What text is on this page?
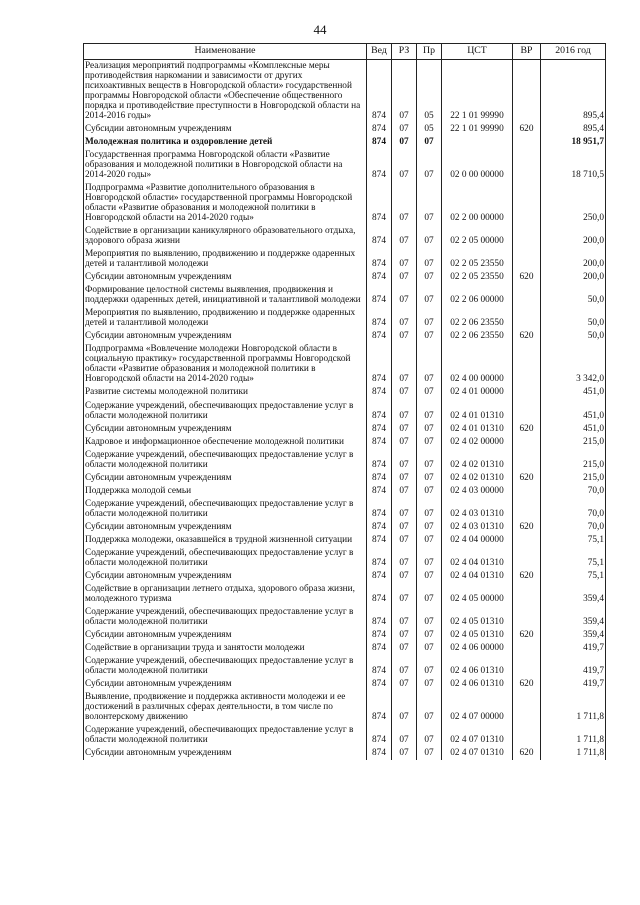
44
Наименование	Вед	РЗ	Пр	ЦСТ	ВР	2016 год
Реализация мероприятий подпрограммы «Комплексные меры противодействия наркомании и зависимости от других психоактивных веществ в Новгородской области» государственной программы Новгородской области «Обеспечение общественного порядка и противодействие преступности в Новгородской области на 2014-2016 годы»	874	07	05	22 1 01 99990		895,4
Субсидии автономным учреждениям	874	07	05	22 1 01 99990	620	895,4
Молодежная политика и оздоровление детей	874	07	07			18 951,7
Государственная программа Новгородской области «Развитие образования и молодежной политики в Новгородской области на 2014-2020 годы»	874	07	07	02 0 00 00000		18 710,5
Подпрограмма «Развитие дополнительного образования в Новгородской области» государственной программы Новгородской области «Развитие образования и молодежной политики в Новгородской области на 2014-2020 годы»	874	07	07	02 2 00 00000		250,0
Содействие в организации каникулярного образовательного отдыха, здорового образа жизни	874	07	07	02 2 05 00000		200,0
Мероприятия по выявлению, продвижению и поддержке одаренных детей и талантливой молодежи	874	07	07	02 2 05 23550		200,0
Субсидии автономным учреждениям	874	07	07	02 2 05 23550	620	200,0
Формирование целостной системы выявления, продвижения и поддержки одаренных детей, инициативной и талантливой молодежи	874	07	07	02 2 06 00000		50,0
Мероприятия по выявлению, продвижению и поддержке одаренных детей и талантливой молодежи	874	07	07	02 2 06 23550		50,0
Субсидии автономным учреждениям	874	07	07	02 2 06 23550	620	50,0
Подпрограмма «Вовлечение молодежи Новгородской области в социальную практику» государственной программы Новгородской области «Развитие образования и молодежной политики в Новгородской области на 2014-2020 годы»	874	07	07	02 4 00 00000		3 342,0
Развитие системы молодежной политики	874	07	07	02 4 01 00000		451,0
Содержание учреждений, обеспечивающих предоставление услуг в области молодежной политики	874	07	07	02 4 01 01310		451,0
Субсидии автономным учреждениям	874	07	07	02 4 01 01310	620	451,0
Кадровое и информационное обеспечение молодежной политики	874	07	07	02 4 02 00000		215,0
Содержание учреждений, обеспечивающих предоставление услуг в области молодежной политики	874	07	07	02 4 02 01310		215,0
Субсидии автономным учреждениям	874	07	07	02 4 02 01310	620	215,0
Поддержка молодой семьи	874	07	07	02 4 03 00000		70,0
Содержание учреждений, обеспечивающих предоставление услуг в области молодежной политики	874	07	07	02 4 03 01310		70,0
Субсидии автономным учреждениям	874	07	07	02 4 03 01310	620	70,0
Поддержка молодежи, оказавшейся в трудной жизненной ситуации	874	07	07	02 4 04 00000		75,1
Содержание учреждений, обеспечивающих предоставление услуг в области молодежной политики	874	07	07	02 4 04 01310		75,1
Субсидии автономным учреждениям	874	07	07	02 4 04 01310	620	75,1
Содействие в организации летнего отдыха, здорового образа жизни, молодежного туризма	874	07	07	02 4 05 00000		359,4
Содержание учреждений, обеспечивающих предоставление услуг в области молодежной политики	874	07	07	02 4 05 01310		359,4
Субсидии автономным учреждениям	874	07	07	02 4 05 01310	620	359,4
Содействие в организации труда и занятости молодежи	874	07	07	02 4 06 00000		419,7
Содержание учреждений, обеспечивающих предоставление услуг в области молодежной политики	874	07	07	02 4 06 01310		419,7
Субсидии автономным учреждениям	874	07	07	02 4 06 01310	620	419,7
Выявление, продвижение и поддержка активности молодежи и ее достижений в различных сферах деятельности, в том числе по волонтерскому движению	874	07	07	02 4 07 00000		1 711,8
Содержание учреждений, обеспечивающих предоставление услуг в области молодежной политики	874	07	07	02 4 07 01310		1 711,8
Субсидии автономным учреждениям	874	07	07	02 4 07 01310	620	1 711,8
